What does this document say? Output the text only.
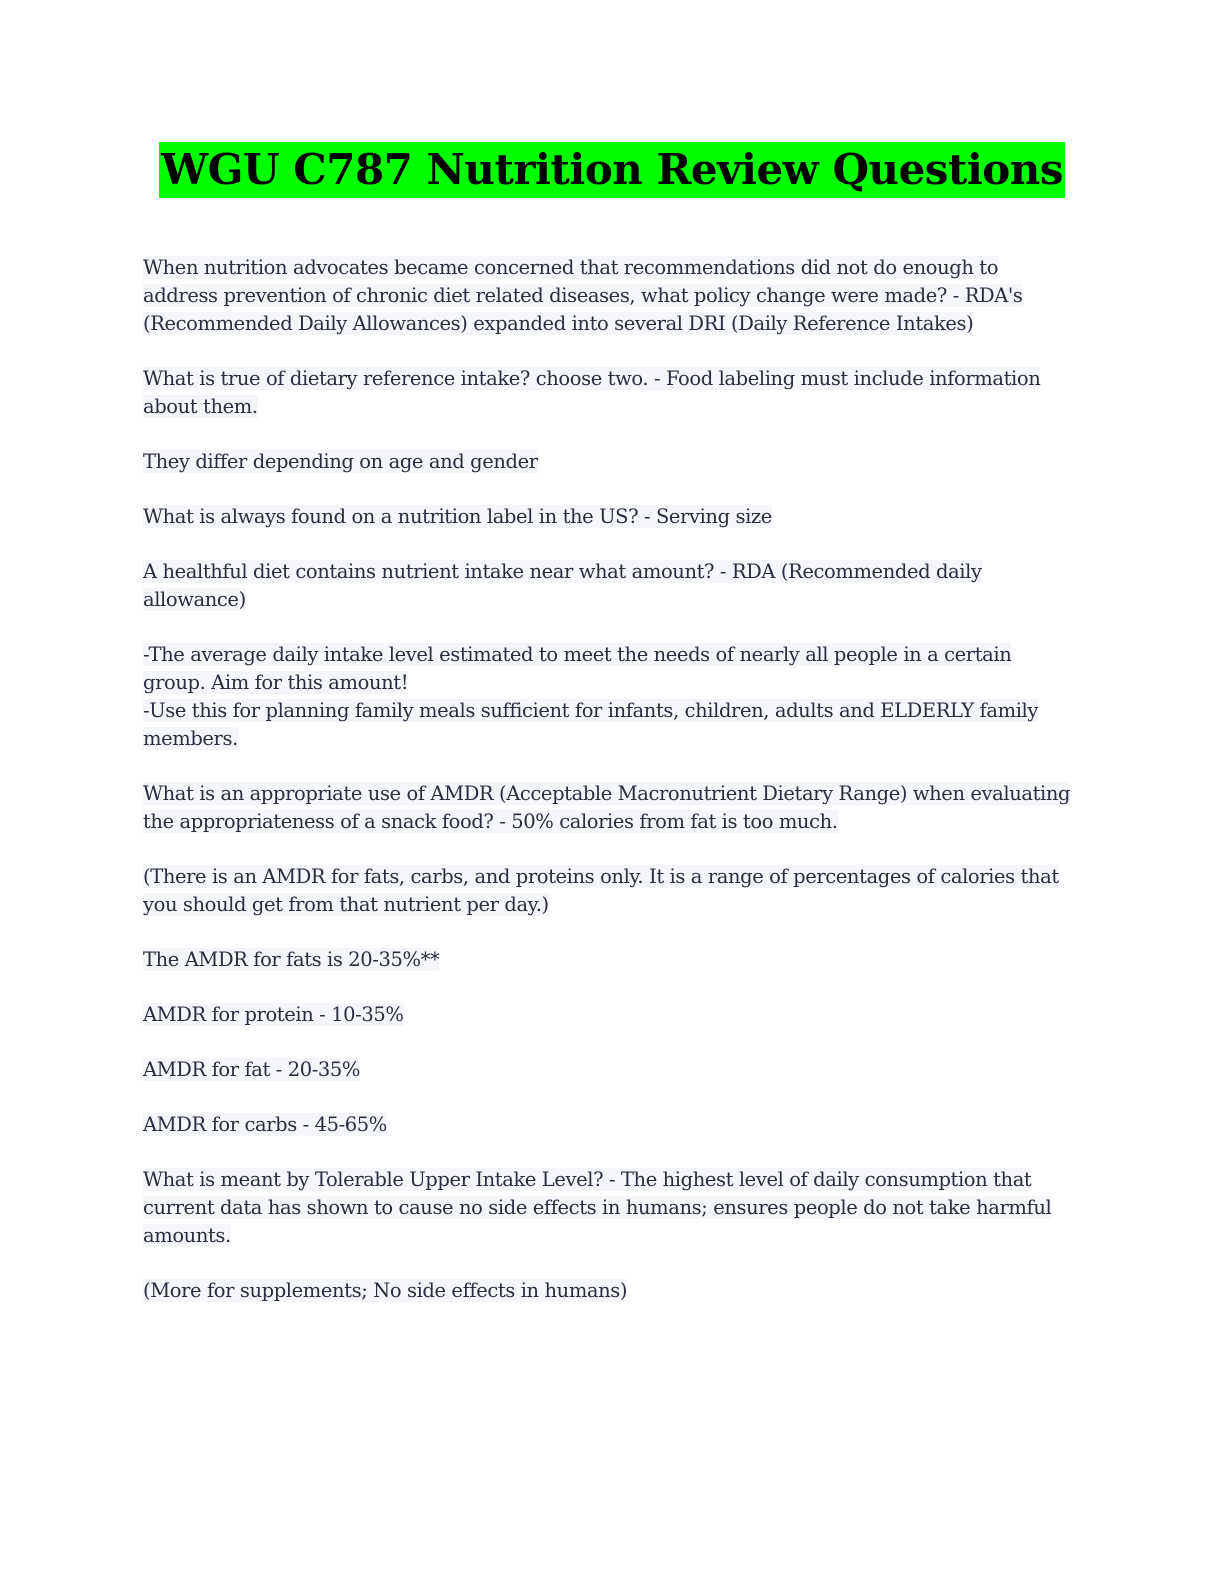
WGU C787 Nutrition Review Questions

When nutrition advocates became concerned that recommendations did not do enough to address prevention of chronic diet related diseases, what policy change were made? - RDA's (Recommended Daily Allowances) expanded into several DRI (Daily Reference Intakes)

What is true of dietary reference intake? choose two. - Food labeling must include information about them.

They differ depending on age and gender

What is always found on a nutrition label in the US? - Serving size

A healthful diet contains nutrient intake near what amount? - RDA (Recommended daily allowance)

-The average daily intake level estimated to meet the needs of nearly all people in a certain group. Aim for this amount!
-Use this for planning family meals sufficient for infants, children, adults and ELDERLY family members.

What is an appropriate use of AMDR (Acceptable Macronutrient Dietary Range) when evaluating the appropriateness of a snack food? - 50% calories from fat is too much.

(There is an AMDR for fats, carbs, and proteins only. It is a range of percentages of calories that you should get from that nutrient per day.)

The AMDR for fats is 20-35%**

AMDR for protein - 10-35%

AMDR for fat - 20-35%

AMDR for carbs - 45-65%

What is meant by Tolerable Upper Intake Level? - The highest level of daily consumption that current data has shown to cause no side effects in humans; ensures people do not take harmful amounts.

(More for supplements; No side effects in humans)
